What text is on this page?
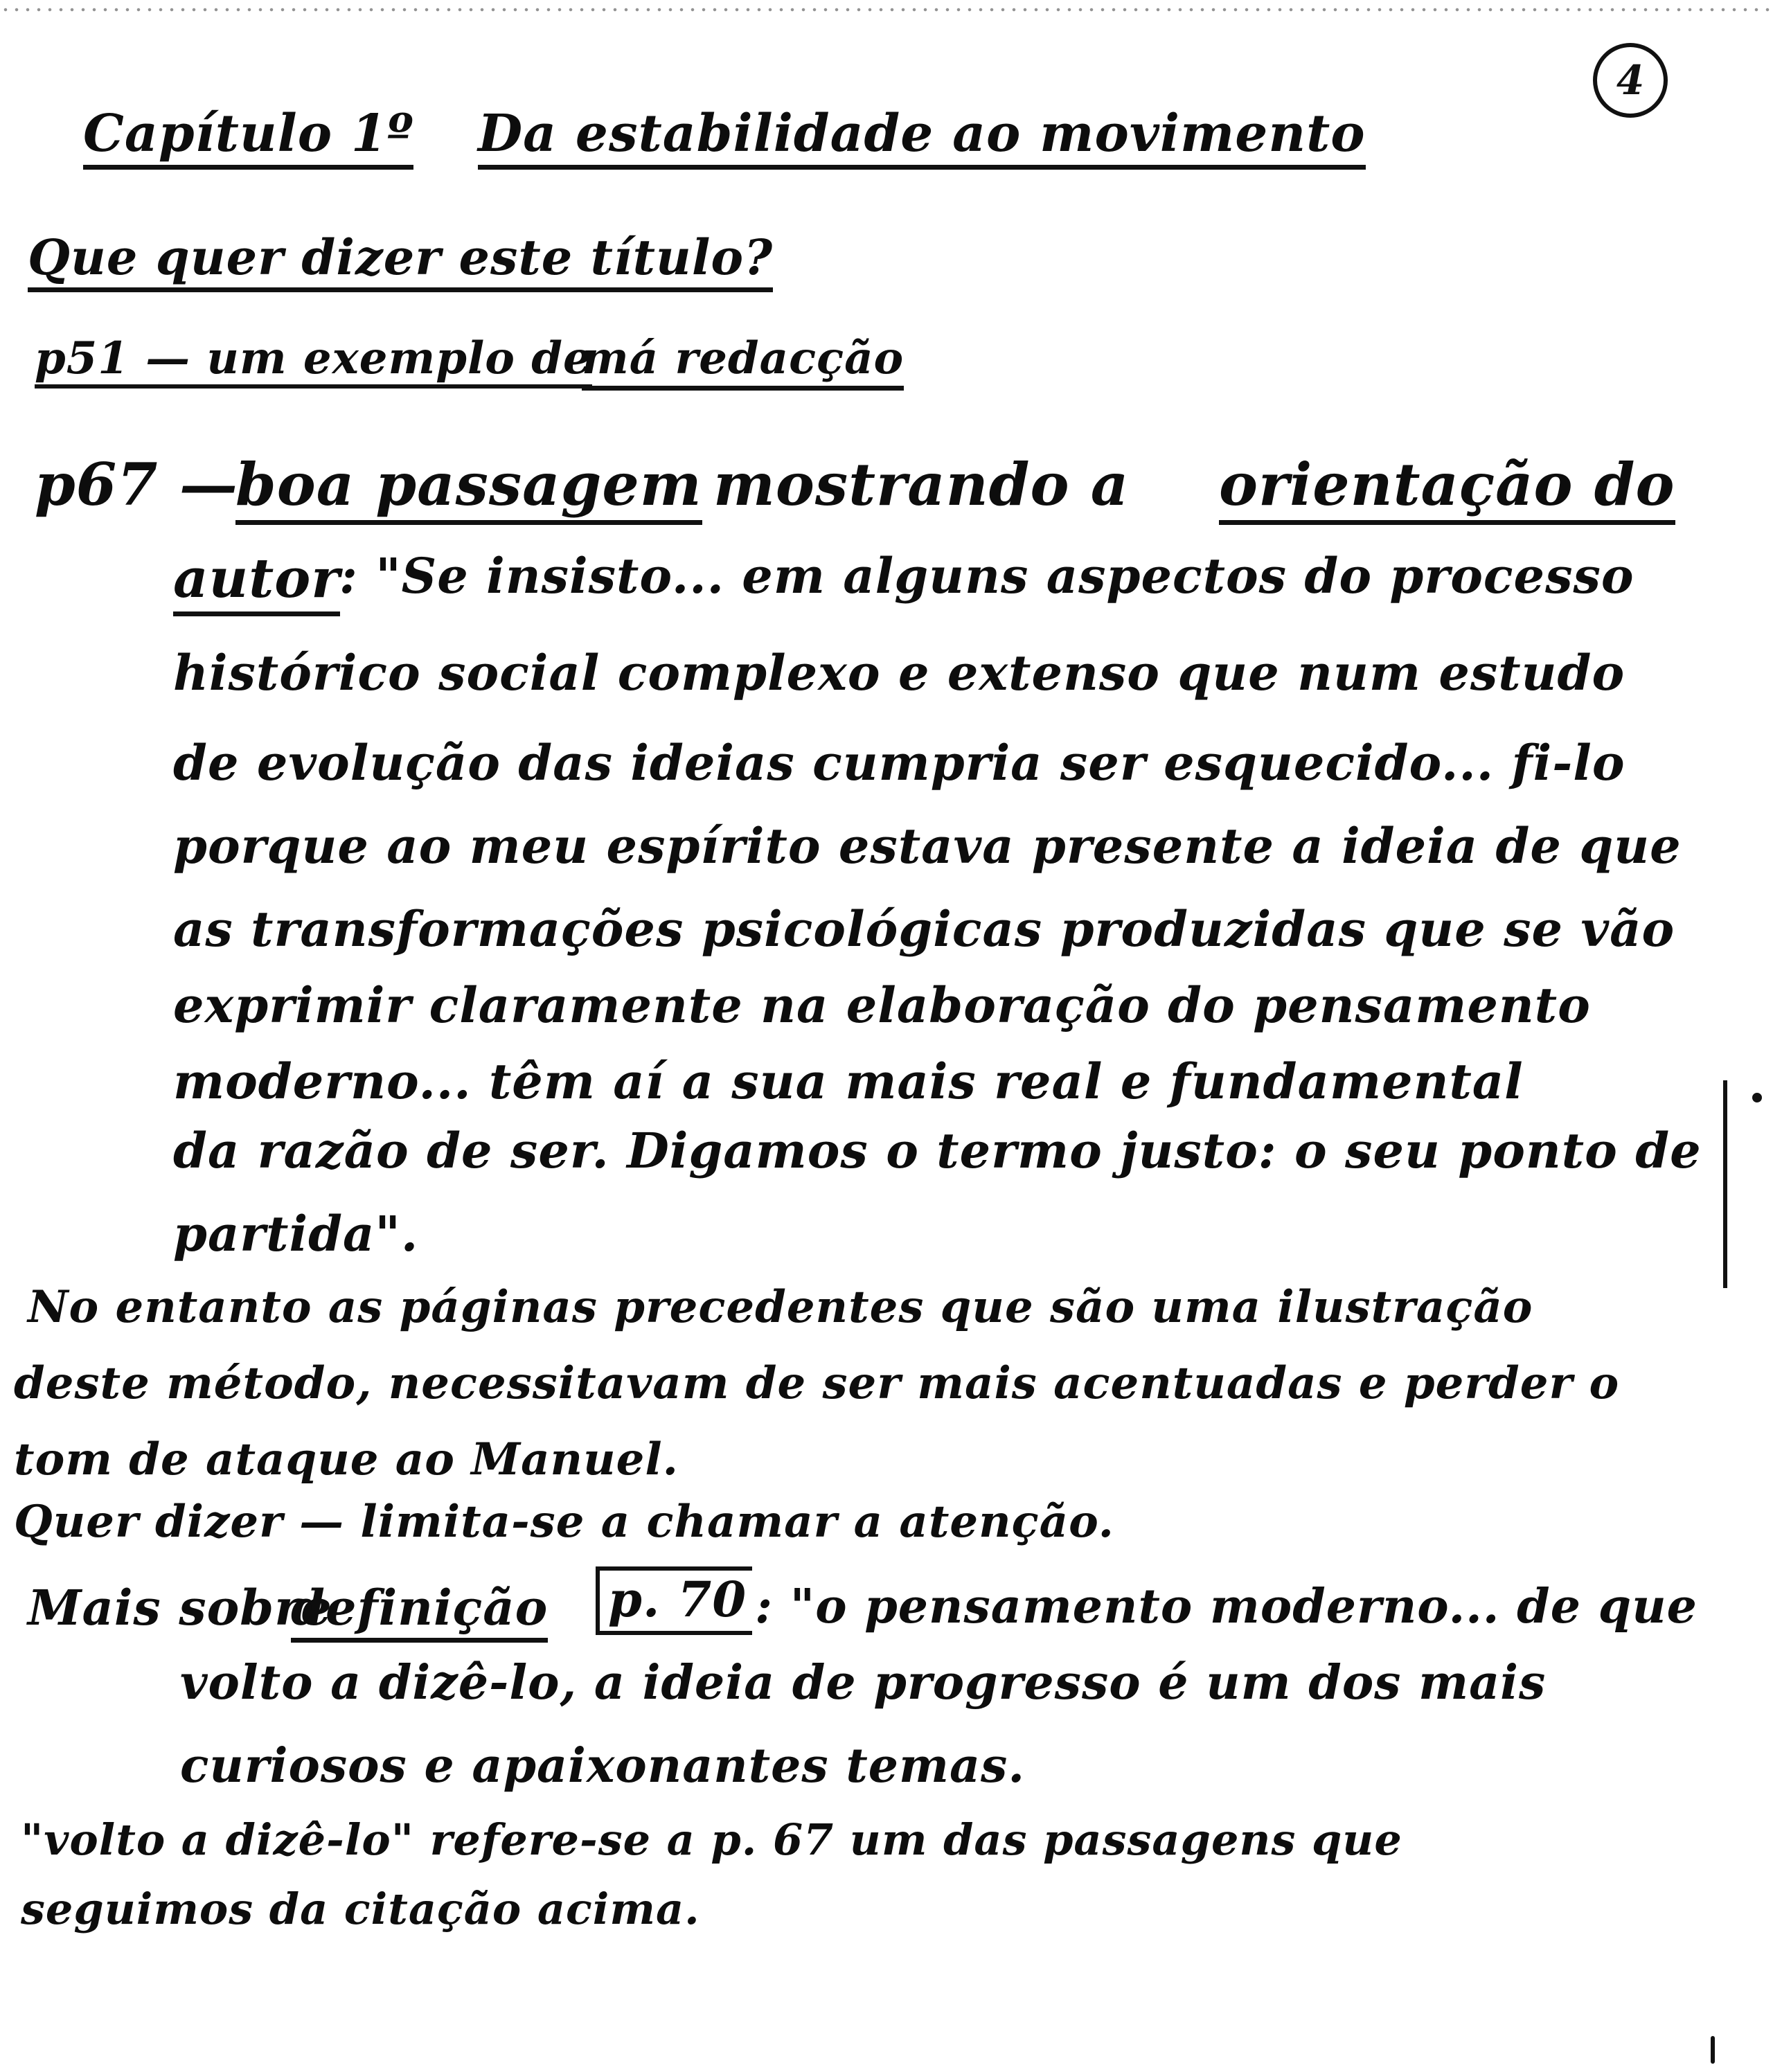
4
Capítulo 1º Da estabilidade ao movimento
Que quer dizer este título?
p51 — um exemplo de
má redacção
p67 —
boa passagem mostrando a orientação do
autor
: "Se insisto... em alguns aspectos do processo
histórico social complexo e extenso que num estudo
de evolução das ideias cumpria ser esquecido... fi-lo
porque ao meu espírito estava presente a ideia de que
as transformações psicológicas produzidas que se vão
exprimir claramente na elaboração do pensamento
moderno... têm aí a sua mais real e fundamental
da razão de ser. Digamos o termo justo: o seu ponto de
partida".
No entanto as páginas precedentes que são uma ilustração
deste método, necessitavam de ser mais acentuadas e perder o
tom de ataque ao Manuel.
Quer dizer — limita-se a chamar a atenção.
Mais sobre
definição p. 70 : "o pensamento moderno... de que
volto a dizê-lo, a ideia de progresso é um dos mais
curiosos e apaixonantes temas.
"volto a dizê-lo" refere-se a p. 67 um das passagens que
seguimos da citação acima.
